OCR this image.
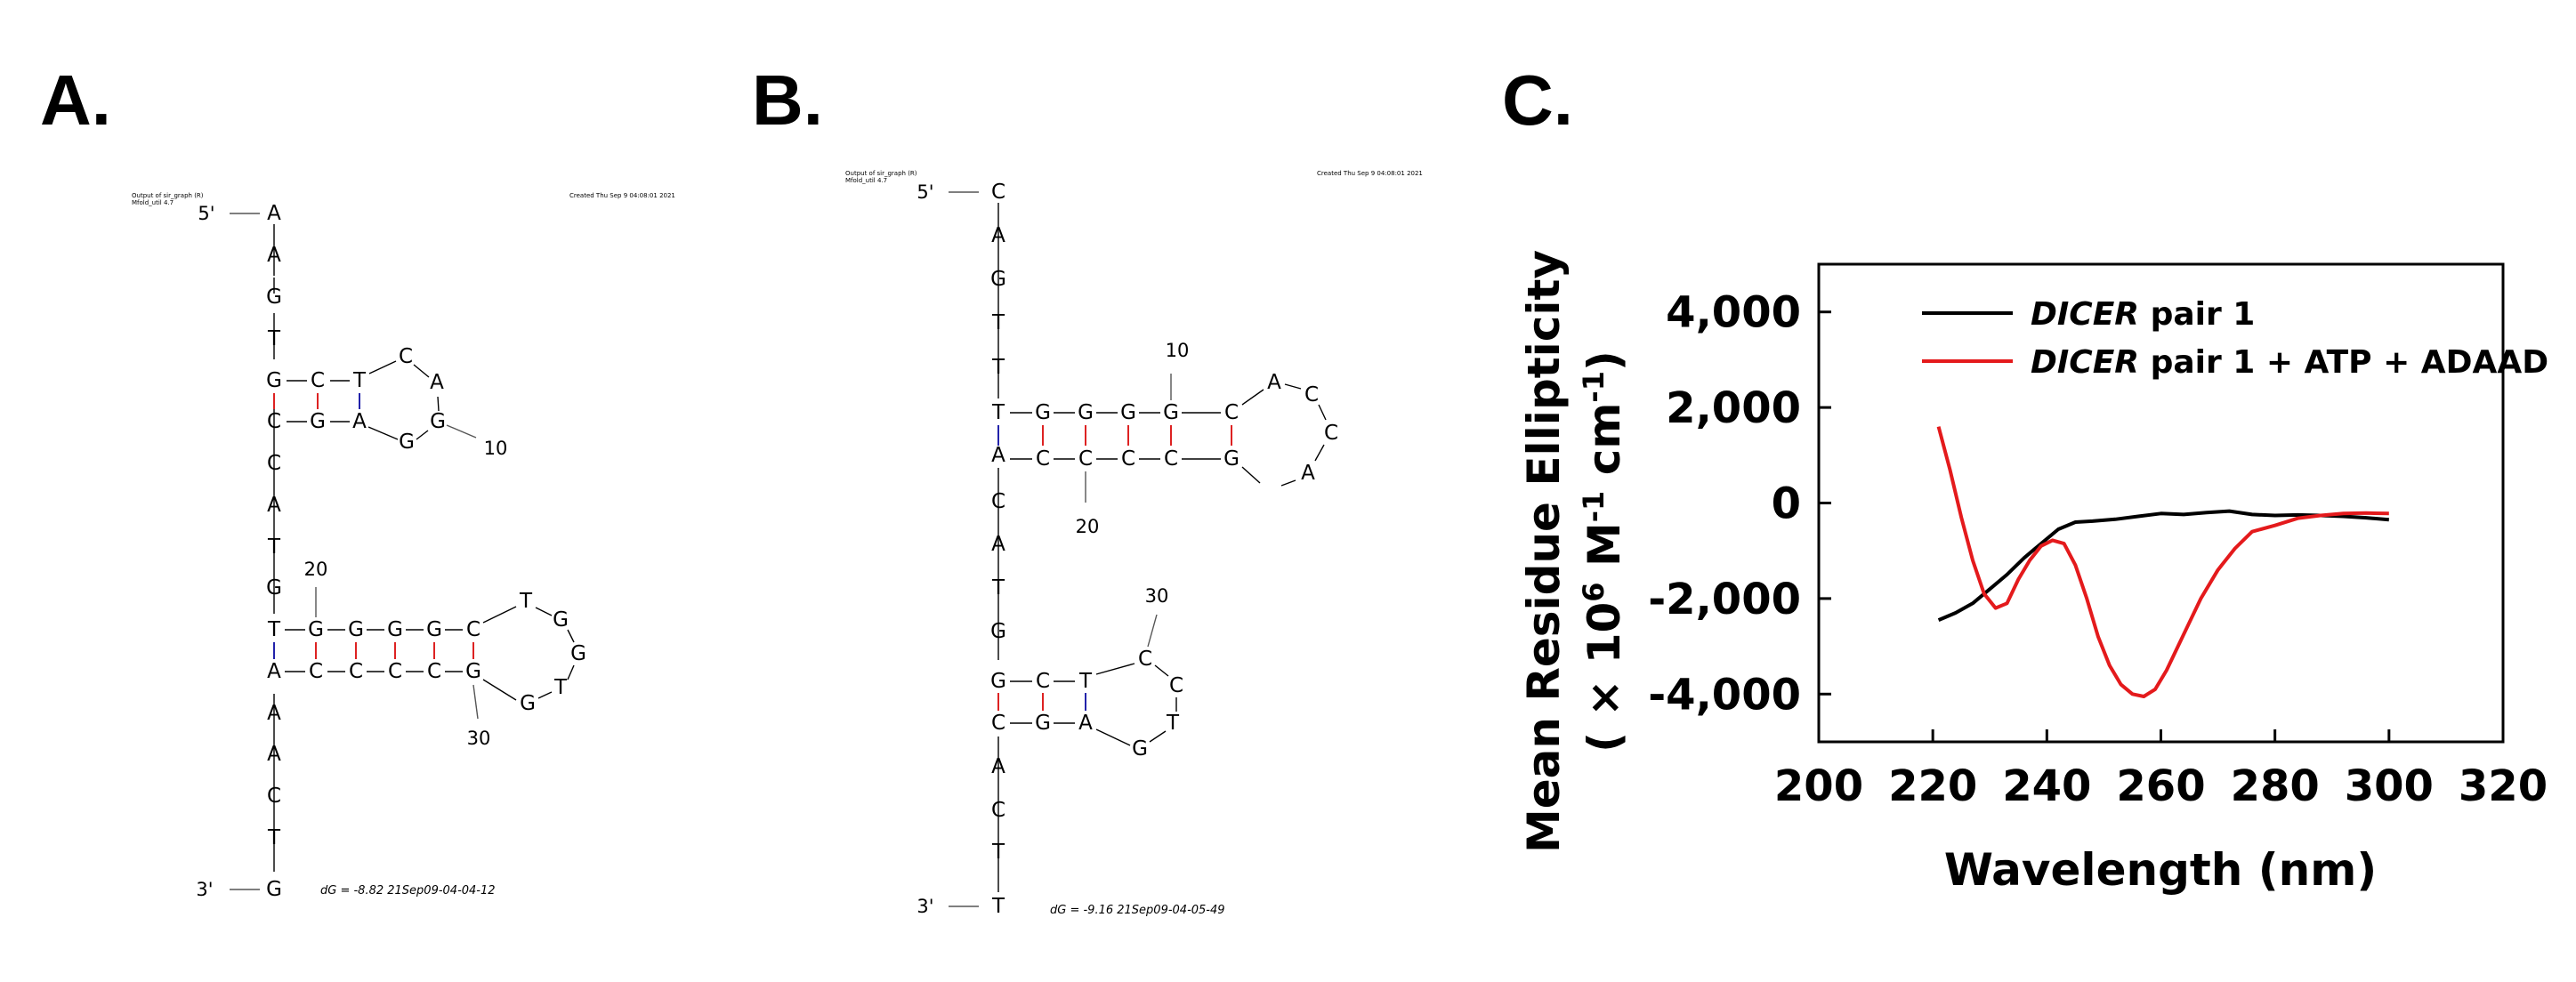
A.
Output of sir_graph (R)
Mfold_util 4.7
Created Thu Sep 9 04:08:01 2021
5'	A
A
G
T
G
C
C
A
T
G
T
A
A
A
C
T
G
C T
G A
C
A
G
G	10
20
G G G G C
C C C C G
T
G
G
T
G
30
3'	dG = -8.82 21Sep09-04-04-12
B.
Output of sir_graph (R)
Mfold_util 4.7
Created Thu Sep 9 04:08:01 2021
5'	C
A
G
T
T
T
A
C
A
T
G
G
C
A
C
T
T
G G G G C
C C C C G
A
C
C
A
10
20
C T
G A
C
C
T
G
30
3'	dG = -9.16 21Sep09-04-05-49
C.
Mean Residue Ellipticity ( × $10^6$ $M^{-1}$ $cm^{-1}$)
4,000
2,000
0
-2,000
-4,000
200 220 240 260 280 300 320
DICER pair 1
DICER pair 1 + ATP + ADAAD
Wavelength (nm)
